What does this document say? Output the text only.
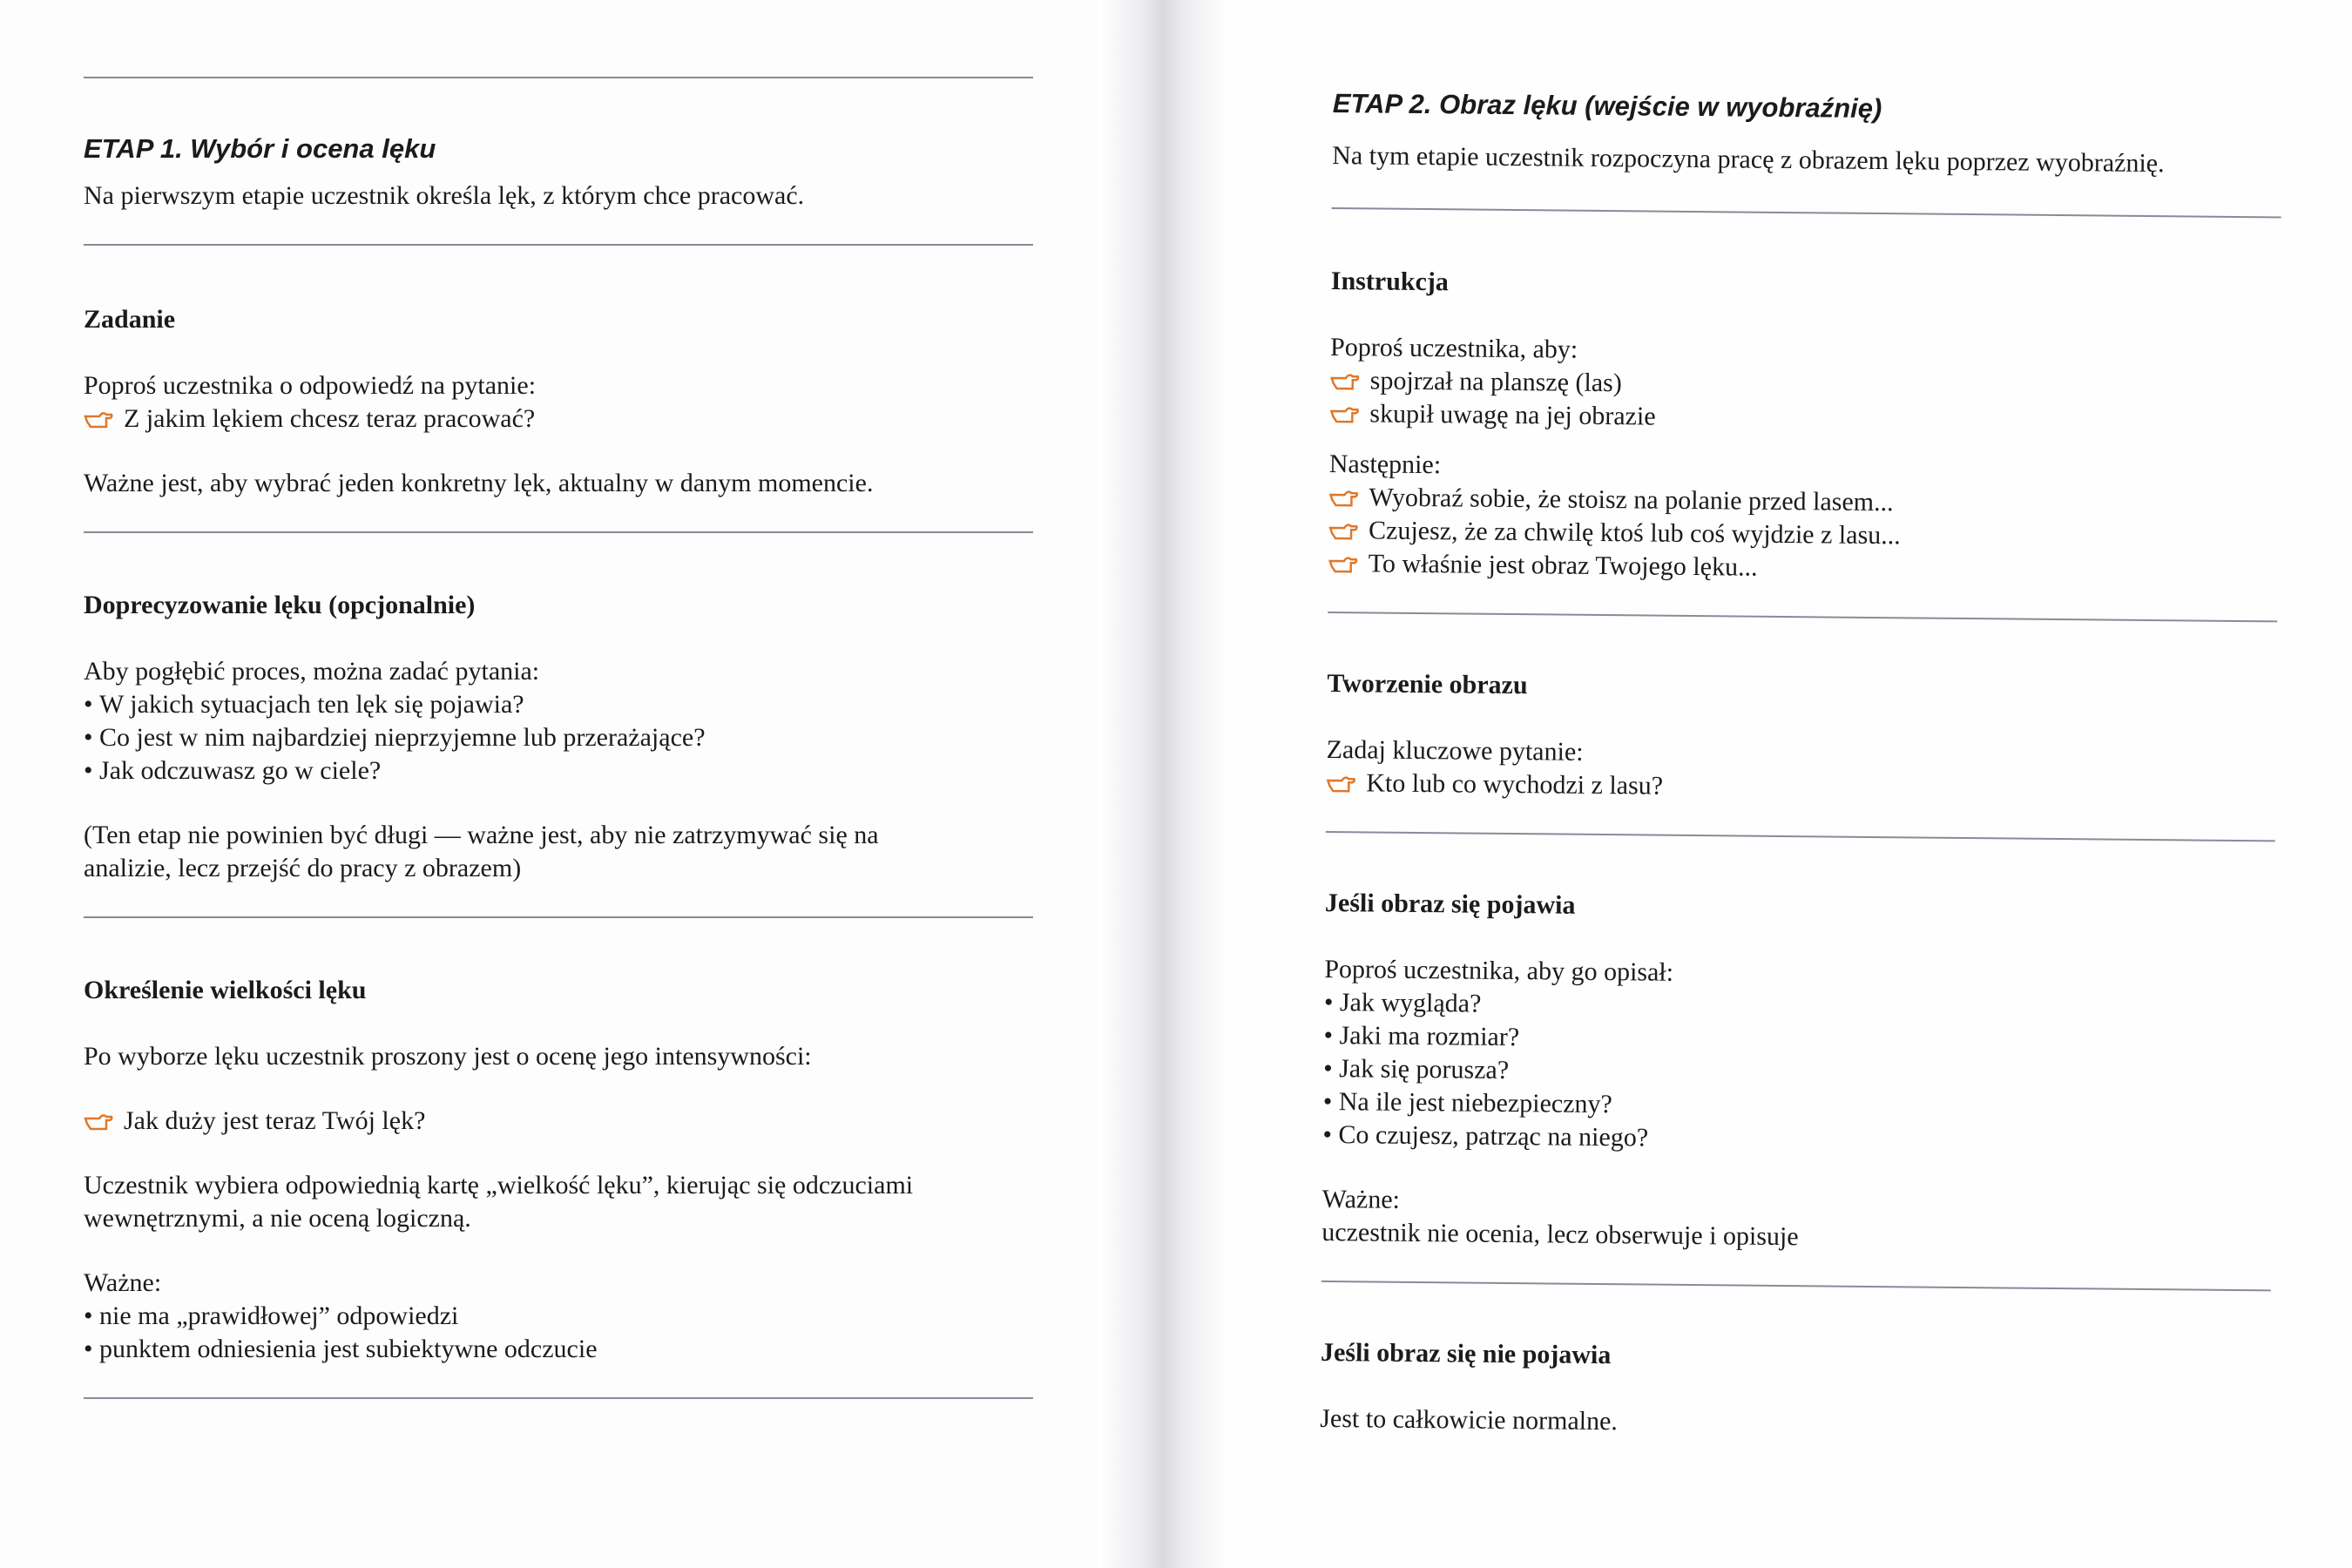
ETAP 1. Wybór i ocena lęku

Na pierwszym etapie uczestnik określa lęk, z którym chce pracować.

Zadanie

Poproś uczestnika o odpowiedź na pytanie:

Z jakim lękiem chcesz teraz pracować?

Ważne jest, aby wybrać jeden konkretny lęk, aktualny w danym momencie.

Doprecyzowanie lęku (opcjonalnie)

Aby pogłębić proces, można zadać pytania:

• W jakich sytuacjach ten lęk się pojawia?
• Co jest w nim najbardziej nieprzyjemne lub przerażające?
• Jak odczuwasz go w ciele?

(Ten etap nie powinien być długi — ważne jest, aby nie zatrzymywać się na

analizie, lecz przejść do pracy z obrazem)

Określenie wielkości lęku

Po wyborze lęku uczestnik proszony jest o ocenę jego intensywności:

Jak duży jest teraz Twój lęk?

Uczestnik wybiera odpowiednią kartę „wielkość lęku”, kierując się odczuciami

wewnętrznymi, a nie oceną logiczną.

Ważne:

• nie ma „prawidłowej” odpowiedzi
• punktem odniesienia jest subiektywne odczucie
ETAP 2. Obraz lęku (wejście w wyobraźnię)

Na tym etapie uczestnik rozpoczyna pracę z obrazem lęku poprzez wyobraźnię.

Instrukcja

Poproś uczestnika, aby:

spojrzał na planszę (las)
skupił uwagę na jej obrazie

Następnie:

Wyobraź sobie, że stoisz na polanie przed lasem...
Czujesz, że za chwilę ktoś lub coś wyjdzie z lasu...
To właśnie jest obraz Twojego lęku...
Tworzenie obrazu

Zadaj kluczowe pytanie:

Kto lub co wychodzi z lasu?
Jeśli obraz się pojawia

Poproś uczestnika, aby go opisał:

• Jak wygląda?
• Jaki ma rozmiar?
• Jak się porusza?
• Na ile jest niebezpieczny?
• Co czujesz, patrząc na niego?

Ważne:

uczestnik nie ocenia, lecz obserwuje i opisuje

Jeśli obraz się nie pojawia

Jest to całkowicie normalne.
